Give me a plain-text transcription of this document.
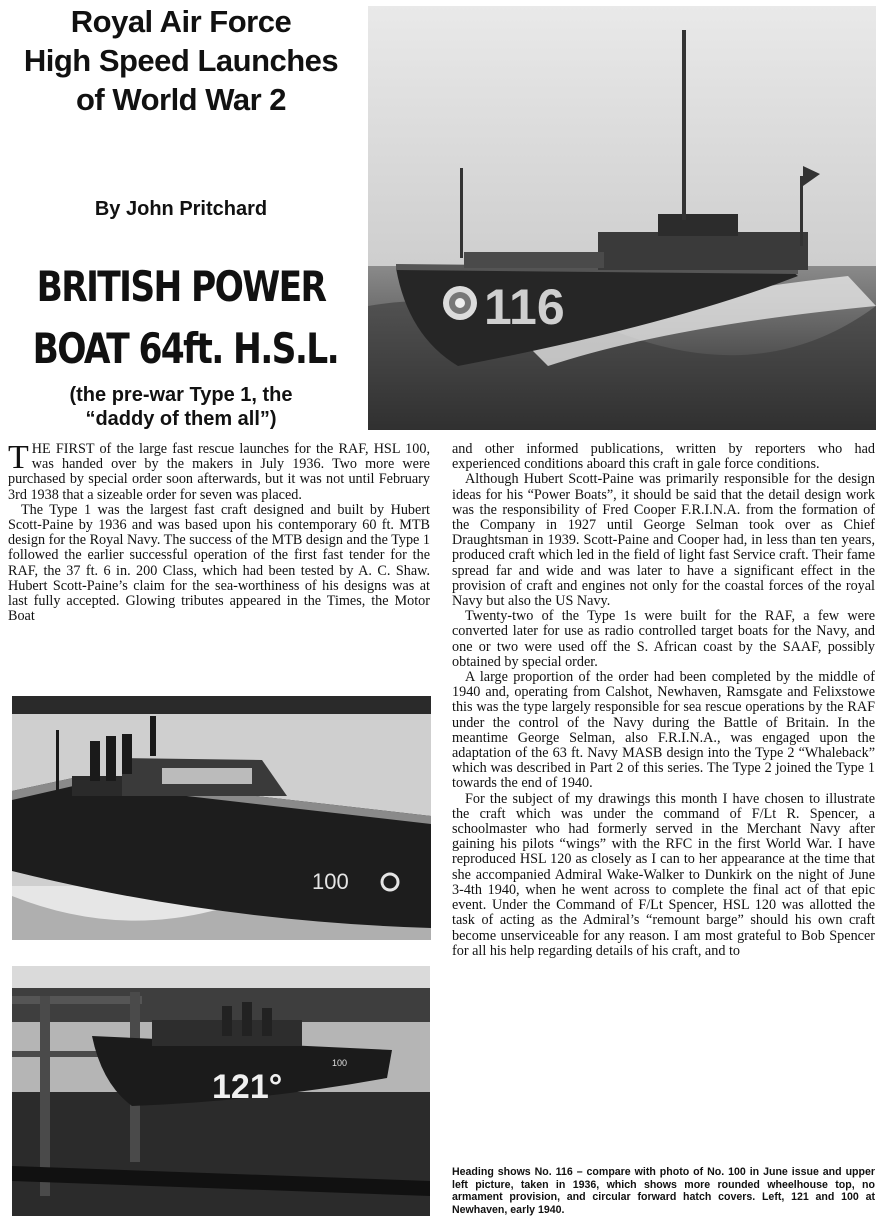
Royal Air Force
High Speed Launches
of World War 2
By John Pritchard
BRITISH POWER
BOAT 64ft. H.S.L.
(the pre-war Type 1, the
“daddy of them all”)
116

THE FIRST of the large fast rescue launches for the RAF, HSL 100, was handed over by the makers in July 1936. Two more were purchased by special order soon afterwards, but it was not until February 3rd 1938 that a sizeable order for seven was placed.

The Type 1 was the largest fast craft designed and built by Hubert Scott-Paine by 1936 and was based upon his contemporary 60 ft. MTB design for the Royal Navy. The success of the MTB design and the Type 1 followed the earlier successful operation of the first fast tender for the RAF, the 37 ft. 6 in. 200 Class, which had been tested by A. C. Shaw. Hubert Scott-Paine’s claim for the sea-worthiness of his designs was at last fully accepted. Glowing tributes appeared in the Times, the Motor Boat

100
121°
100

and other informed publications, written by reporters who had experienced conditions aboard this craft in gale force conditions.

Although Hubert Scott-Paine was primarily responsible for the design ideas for his “Power Boats”, it should be said that the detail design work was the responsibility of Fred Cooper F.R.I.N.A. from the formation of the Company in 1927 until George Selman took over as Chief Draughtsman in 1939. Scott-Paine and Cooper had, in less than ten years, produced craft which led in the field of light fast Service craft. Their fame spread far and wide and was later to have a significant effect in the provision of craft and engines not only for the coastal forces of the royal Navy but also the US Navy.

Twenty-two of the Type 1s were built for the RAF, a few were converted later for use as radio controlled target boats for the Navy, and one or two were used off the S. African coast by the SAAF, possibly obtained by special order.

A large proportion of the order had been completed by the middle of 1940 and, operating from Calshot, Newhaven, Ramsgate and Felixstowe this was the type largely responsible for sea rescue operations by the RAF under the control of the Navy during the Battle of Britain. In the meantime George Selman, also F.R.I.N.A., was engaged upon the adaptation of the 63 ft. Navy MASB design into the Type 2 “Whaleback” which was described in Part 2 of this series. The Type 2 joined the Type 1 towards the end of 1940.

For the subject of my drawings this month I have chosen to illustrate the craft which was under the command of F/Lt R. Spencer, a schoolmaster who had formerly served in the Merchant Navy after gaining his pilots “wings” with the RFC in the first World War. I have reproduced HSL 120 as closely as I can to her appearance at the time that she accompanied Admiral Wake-Walker to Dunkirk on the night of June 3-4th 1940, when he went across to complete the final act of that epic event. Under the Command of F/Lt Spencer, HSL 120 was allotted the task of acting as the Admiral’s “remount barge” should his own craft become unserviceable for any reason. I am most grateful to Bob Spencer for all his help regarding details of his craft, and to

Heading shows No. 116 – compare with photo of No. 100 in June issue and upper left picture, taken in 1936, which shows more rounded wheelhouse top, no armament provision, and circular forward hatch covers. Left, 121 and 100 at Newhaven, early 1940.
